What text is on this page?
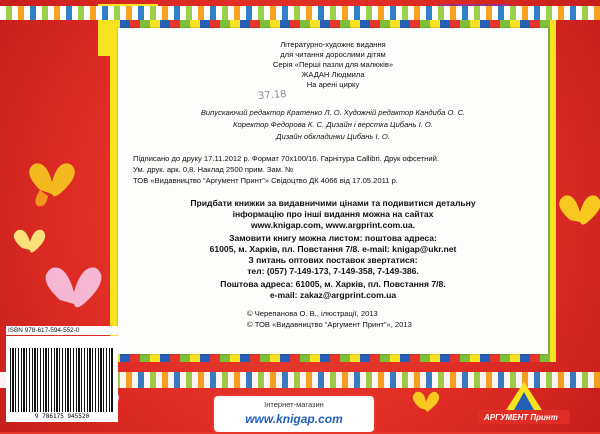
Літературно-художнє видання
для читання дорослими дітям
Серія «Перші пазли для малюків»
ЖАДАН Людмила
На арені цирку
37.18
Випускаючий редактор Кратенко Л. О. Художній редактор Кандиба О. С.
Коректор Федорова К. С. Дизайн і верстка Цибань І. О.
Дизайн обкладинки Цибань І. О.
Підписано до друку 17.11.2012 р. Формат 70x100/16. Гарнітура Callibri. Друк офсетний.
Ум. друк. арк. 0,8. Наклад 2500 прим. Зам. №
ТОВ «Видавництво “Аргумент Принт”» Свідоцтво ДК 4066 від 17.05.2011 р.
Придбати книжки за видавничими цінами та подивитися детальну
інформацію про інші видання можна на сайтах
www.knigap.com, www.argprint.com.ua.
Замовити книгу можна листом: поштова адреса:
61005, м. Харків, пл. Повстання 7/8. e-mail: knigap@ukr.net
З питань оптових поставок звертатися:
тел: (057) 7-149-173, 7-149-358, 7-149-386.
Поштова адреса: 61005, м. Харків, пл. Повстання 7/8.
e-mail: zakaz@argprint.com.ua
© Черепанова О. В., ілюстрації, 2013
© ТОВ «Видавництво “Аргумент Принт”», 2013
ISBN 978-617-594-552-0
9 786175 945520
Інтернет-магазин
www.knigap.com	АРГУМЕНТ Принт
